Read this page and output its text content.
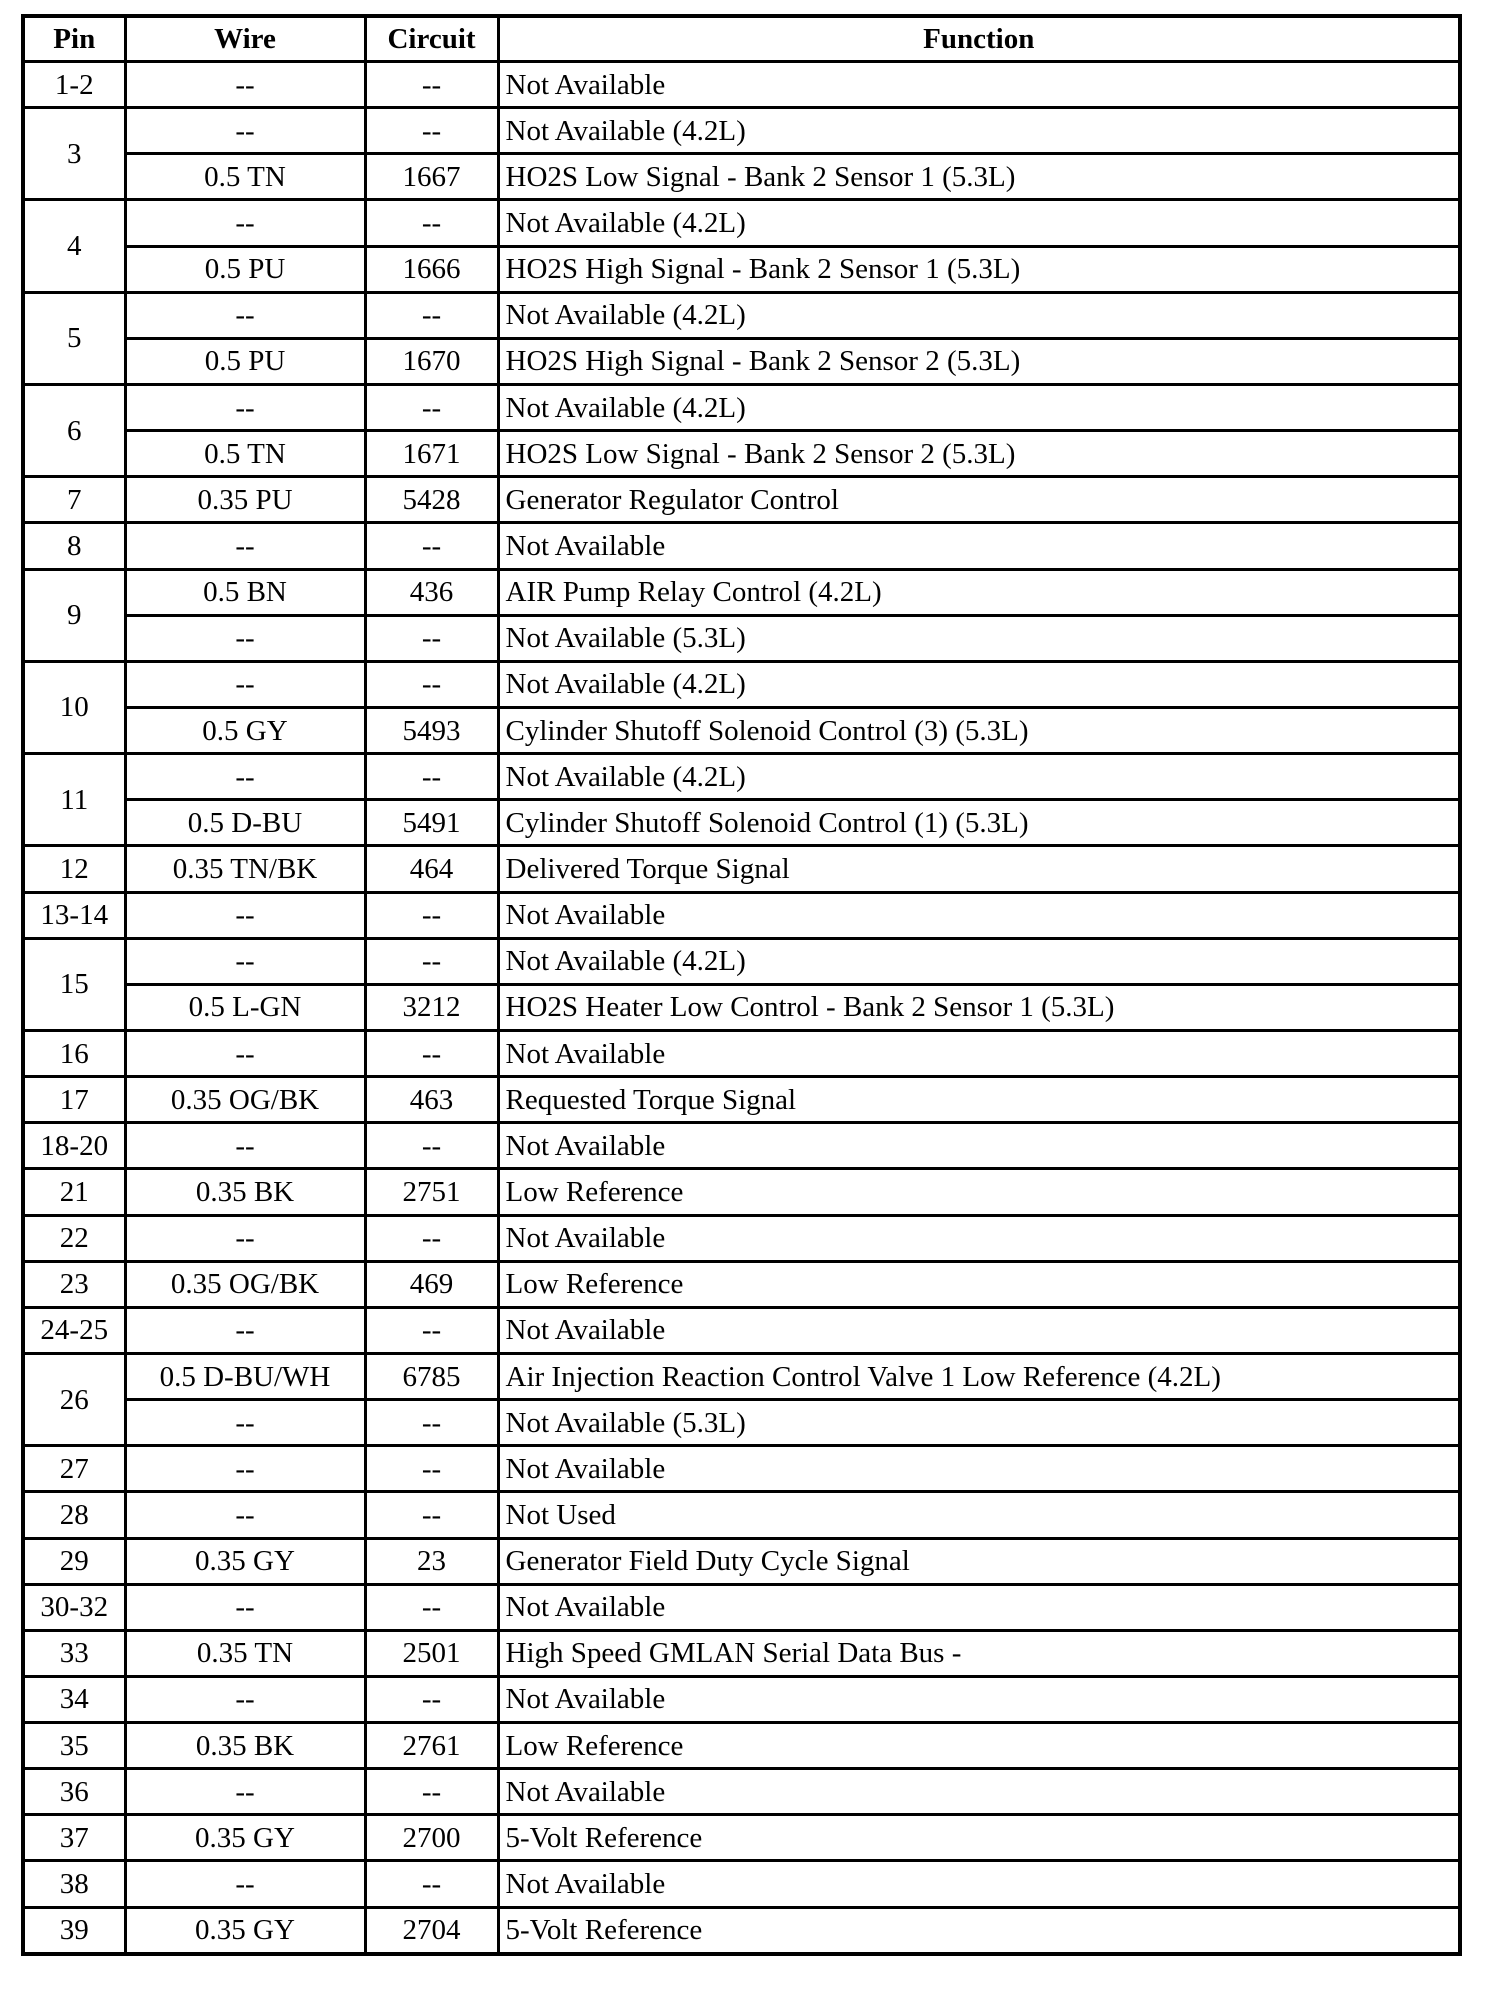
Pin	Wire	Circuit	Function
1-2	--	--	Not Available
3	--	--	Not Available (4.2L)
	0.5 TN	1667	HO2S Low Signal - Bank 2 Sensor 1 (5.3L)
4	--	--	Not Available (4.2L)
	0.5 PU	1666	HO2S High Signal - Bank 2 Sensor 1 (5.3L)
5	--	--	Not Available (4.2L)
	0.5 PU	1670	HO2S High Signal - Bank 2 Sensor 2 (5.3L)
6	--	--	Not Available (4.2L)
	0.5 TN	1671	HO2S Low Signal - Bank 2 Sensor 2 (5.3L)
7	0.35 PU	5428	Generator Regulator Control
8	--	--	Not Available
9	0.5 BN	436	AIR Pump Relay Control (4.2L)
	--	--	Not Available (5.3L)
10	--	--	Not Available (4.2L)
	0.5 GY	5493	Cylinder Shutoff Solenoid Control (3) (5.3L)
11	--	--	Not Available (4.2L)
	0.5 D-BU	5491	Cylinder Shutoff Solenoid Control (1) (5.3L)
12	0.35 TN/BK	464	Delivered Torque Signal
13-14	--	--	Not Available
15	--	--	Not Available (4.2L)
	0.5 L-GN	3212	HO2S Heater Low Control - Bank 2 Sensor 1 (5.3L)
16	--	--	Not Available
17	0.35 OG/BK	463	Requested Torque Signal
18-20	--	--	Not Available
21	0.35 BK	2751	Low Reference
22	--	--	Not Available
23	0.35 OG/BK	469	Low Reference
24-25	--	--	Not Available
26	0.5 D-BU/WH	6785	Air Injection Reaction Control Valve 1 Low Reference (4.2L)
	--	--	Not Available (5.3L)
27	--	--	Not Available
28	--	--	Not Used
29	0.35 GY	23	Generator Field Duty Cycle Signal
30-32	--	--	Not Available
33	0.35 TN	2501	High Speed GMLAN Serial Data Bus -
34	--	--	Not Available
35	0.35 BK	2761	Low Reference
36	--	--	Not Available
37	0.35 GY	2700	5-Volt Reference
38	--	--	Not Available
39	0.35 GY	2704	5-Volt Reference
